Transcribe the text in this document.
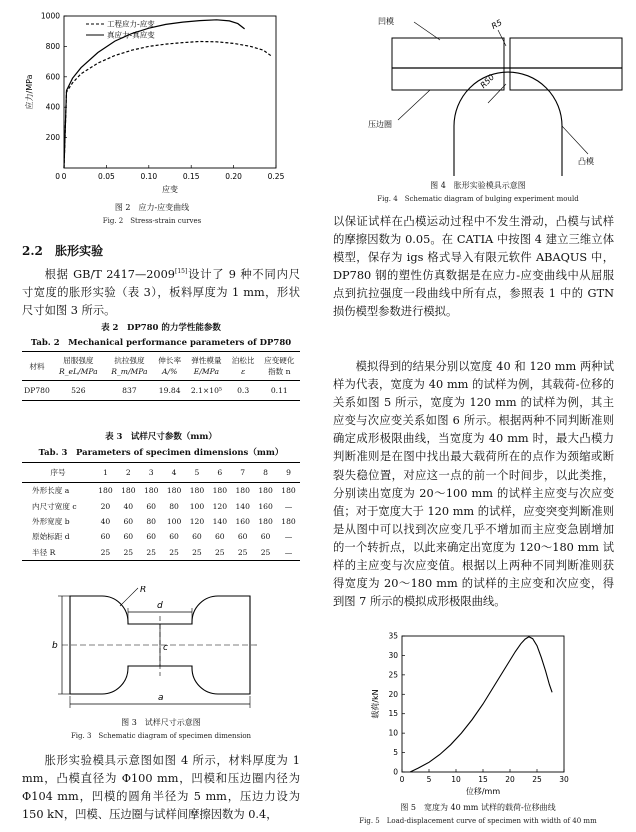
0	0.05	0.10	0.15	0.20	0.25
200
400
600
800
1000
0
应变
应力/MPa
工程应力-应变
真应力-真应变
图 2　应力-应变曲线
Fig. 2　Stress-strain curves
2.2 胀形实验

根据 GB/T 2417—2009[15]设计了 9 种不同内尺寸宽度的胀形实验（表 3），板料厚度为 1 mm，形状尺寸如图 3 所示。

表 2　DP780 的力学性能参数
Tab. 2　Mechanical performance parameters of DP780
材料	屈服强度	抗拉强度	伸长率	弹性模量	泊松比	应变硬化
	R_eL/MPa	R_m/MPa	A/%	E/MPa	ε	指数 n
DP780	526	837	19.84	2.1×10⁵	0.3	0.11
表 3　试样尺寸参数（mm）
Tab. 3　Parameters of specimen dimensions（mm）
序号	1	2	3	4	5	6	7	8	9
外形长度 a	180	180	180	180	180	180	180	180	180
内尺寸宽度 c	20	40	60	80	100	120	140	160	—
外形宽度 b	40	60	80	100	120	140	160	180	180
原始标距 d	60	60	60	60	60	60	60	60	—
半径 R	25	25	25	25	25	25	25	25	—
d
c
b
a
R
图 3　试样尺寸示意图
Fig. 3　Schematic diagram of specimen dimension

胀形实验模具示意图如图 4 所示，材料厚度为 1 mm，凸模直径为 Φ100 mm，凹模和压边圈内径为 Φ104 mm，凹模的圆角半径为 5 mm，压边力设为 150 kN，凹模、压边圈与试样间摩擦因数为 0.4，

R50
R5
凹模
压边圈
凸模
图 4　胀形实验模具示意图
Fig. 4　Schematic diagram of bulging experiment mould

以保证试样在凸模运动过程中不发生滑动，凸模与试样的摩擦因数为 0.05。在 CATIA 中按图 4 建立三维立体模型，保存为 igs 格式导入有限元软件 ABAQUS 中，DP780 钢的塑性仿真数据是在应力-应变曲线中从屈服点到抗拉强度一段曲线中所有点，参照表 1 中的 GTN 损伤模型参数进行模拟。

模拟得到的结果分别以宽度 40 和 120 mm 两种试样为代表，宽度为 40 mm 的试样为例，其载荷-位移的关系如图 5 所示，宽度为 120 mm 的试样为例，其主应变与次应变关系如图 6 所示。根据两种不同判断准则确定成形极限曲线，当宽度为 40 mm 时，最大凸模力判断准则是在图中找出最大载荷所在的点作为颈缩或断裂失稳位置，对应这一点的前一个时间步，以此类推，分别读出宽度为 20～100 mm 的试样主应变与次应变值；对于宽度大于 120 mm 的试样，应变突变判断准则是从图中可以找到次应变几乎不增加而主应变急剧增加的一个转折点，以此来确定出宽度为 120～180 mm 试样的主应变与次应变值。根据以上两种不同判断准则获得宽度为 20～180 mm 的试样的主应变和次应变，得到图 7 所示的模拟成形极限曲线。

0	5	10 15 20 25 30
0
5
10
15
20
25
30
35
位移/mm
载荷/kN
图 5　宽度为 40 mm 试样的载荷-位移曲线
Fig. 5　Load-displacement curve of specimen with width of 40 mm
